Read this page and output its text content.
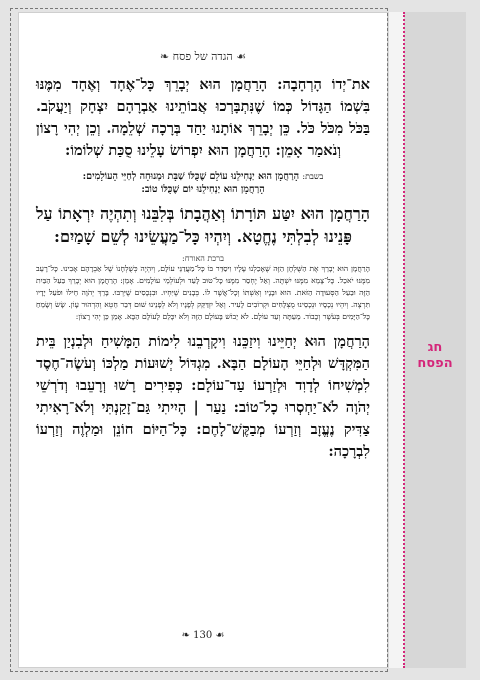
חג
הפסח
☙ הגדה של פסח ❧

את־יְדוֹ הָרְחָבָה: הָרַחֲמָן הוּא יְבָרֵךְ כָּל־אֶחָד וְאֶחָד מִמֶּנּוּ בִּשְׁמוֹ הַגָּדוֹל כְּמוֹ שֶׁנִּתְבָּרְכוּ אֲבוֹתֵינוּ אַבְרָהָם יִצְחָק וְיַעֲקֹב. בַּכֹּל מִכֹּל כֹּל. כֵּן יְבָרֵךְ אוֹתָנוּ יַחַד בְּרָכָה שְׁלֵמָה. וְכֵן יְהִי רָצוֹן וְנֹאמַר אָמֵן: הָרַחֲמָן הוּא יִפְרוֹשׂ עָלֵינוּ סֻכַּת שְׁלוֹמוֹ:

בשבת: הָרַחֲמָן הוּא יַנְחִילֵנוּ עוֹלָם שֶׁכֻּלּוֹ שַׁבָּת וּמְנוּחָה לְחַיֵּי הָעוֹלָמִים:

הָרַחֲמָן הוּא יַנְחִילֵנוּ יוֹם שֶׁכֻּלּוֹ טוֹב:

הָרַחֲמָן הוּא יִטַּע תּוֹרָתוֹ וְאַהֲבָתוֹ בְּלִבֵּנוּ וְתִהְיֶה יִרְאָתוֹ עַל פָּנֵינוּ לְבִלְתִּי נֶחֱטָא. וְיִהְיוּ כָּל־מַעֲשֵׂינוּ לְשֵׁם שָׁמַיִם:

ברכת האורח:

הָרַחֲמָן הוּא יְבָרֵךְ אֶת הַשֻּׁלְחָן הַזֶּה שֶׁאָכַלְנוּ עָלָיו וִיסַדֵּר בּוֹ כָּל־מַעֲדַנֵּי עוֹלָם, וְיִהְיֶה כְּשֻׁלְחָנוֹ שֶׁל אַבְרָהָם אָבִינוּ. כָּל־רָעֵב מִמֶּנּוּ יֹאכַל. כָּל־צָמֵא מִמֶּנּוּ יִשְׁתֶּה. וְאַל יֶחְסַר מִמֶּנּוּ כָּל־טוּב לָעַד וּלְעוֹלְמֵי עוֹלָמִים. אָמֵן: הָרַחֲמָן הוּא יְבָרֵךְ בַּעַל הַבַּיִת הַזֶּה וּבַעַל הַסְּעוּדָה הַזֹּאת. הוּא וּבָנָיו וְאִשְׁתּוֹ וְכָל־אֲשֶׁר לוֹ. בְּבָנִים שֶׁיִּחְיוּ. וּבִנְכָסִים שֶׁיִּרְבּוּ. בָּרֵךְ יְהֹוָה חֵילוֹ וּפֹעַל יָדָיו תִּרְצֶה. וְיִהְיוּ נְכָסָיו וּנְכָסֵינוּ מֻצְלָחִים וּקְרוֹבִים לָעִיר. וְאַל יִזְדַּקֵּק לְפָנָיו וְלֹא לְפָנֵינוּ שׁוּם דְּבַר חֵטְא וְהִרְהוּר עָוֹן. שָׂשׂ וְשָׂמֵחַ כָּל־הַיָּמִים בְּעֹשֶׁר וְכָבוֹד. מֵעַתָּה וְעַד עוֹלָם. לֹא יֵבוֹשׁ בָּעוֹלָם הַזֶּה וְלֹא יִכָּלֵם לָעוֹלָם הַבָּא. אָמֵן כֵּן יְהִי רָצוֹן:

הָרַחֲמָן הוּא יְחַיֵּינוּ וִיזַכֵּנוּ וִיקָרְבֵנוּ לִימוֹת הַמָּשִׁיחַ וּלְבִנְיַן בֵּית הַמִּקְדָּשׁ וּלְחַיֵּי הָעוֹלָם הַבָּא. מִגְדּוֹל יְשׁוּעוֹת מַלְכּוֹ וְעֹשֶׂה־חֶסֶד לִמְשִׁיחוֹ לְדָוִד וּלְזַרְעוֹ עַד־עוֹלָם: כְּפִירִים רָשׁוּ וְרָעֵבוּ וְדֹרְשֵׁי יְהֹוָה לֹא־יַחְסְרוּ כָל־טוֹב: נַעַר | הָיִיתִי גַּם־זָקַנְתִּי וְלֹא־רָאִיתִי צַדִּיק נֶעֱזָב וְזַרְעוֹ מְבַקֶּשׁ־לָחֶם: כָּל־הַיּוֹם חוֹנֵן וּמַלְוֶה וְזַרְעוֹ לִבְרָכָה:

☙ 130 ❧
